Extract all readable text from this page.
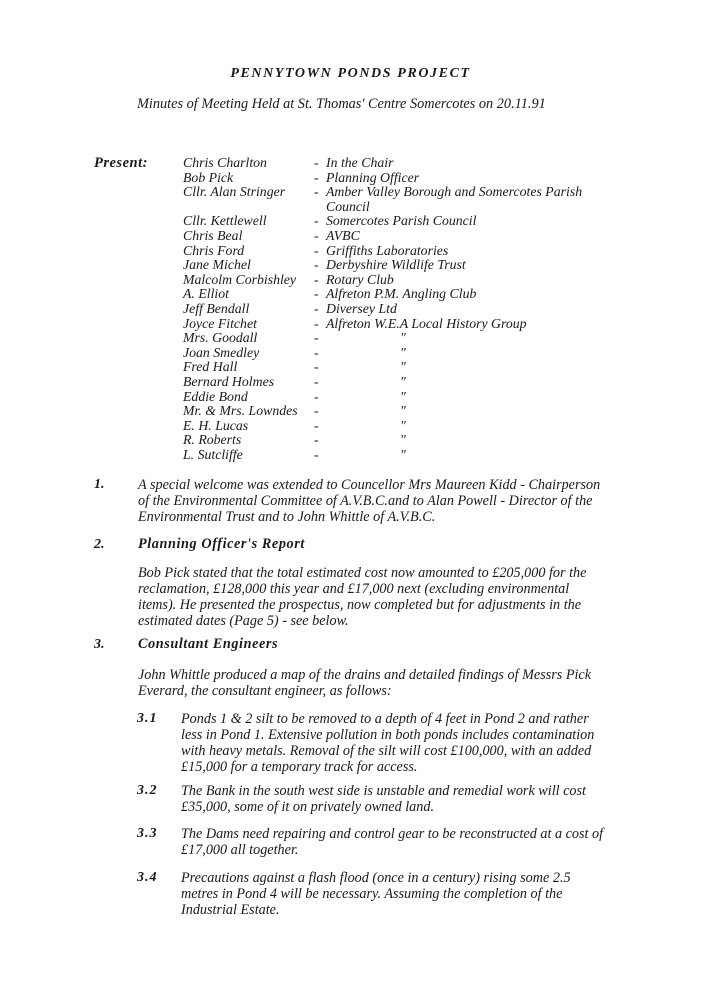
PENNYTOWN PONDS PROJECT

Minutes of Meeting Held at St. Thomas' Centre Somercotes on 20.11.91

Present:	Chris Charlton	- In the Chair
Bob Pick	- Planning Officer
Cllr. Alan Stringer	- Amber Valley Borough and Somercotes Parish Council
Cllr. Kettlewell	- Somercotes Parish Council
Chris Beal	- AVBC
Chris Ford	- Griffiths Laboratories
Jane Michel	- Derbyshire Wildlife Trust
Malcolm Corbishley	- Rotary Club
A. Elliot	- Alfreton P.M. Angling Club
Jeff Bendall	- Diversey Ltd
Joyce Fitchet	- Alfreton W.E.A Local History Group
Mrs. Goodall	-	"
Joan Smedley	-	"
Fred Hall	-	"
Bernard Holmes	-	"
Eddie Bond	-	"
Mr. & Mrs. Lowndes	-	"
E. H. Lucas	-	"
R. Roberts	-	"
L. Sutcliffe	-	"
1. A special welcome was extended to Councellor Mrs Maureen Kidd - Chairperson of the Environmental Committee of A.V.B.C.and to Alan Powell - Director of the Environmental Trust and to John Whittle of A.V.B.C.

2. Planning Officer's Report

Bob Pick stated that the total estimated cost now amounted to £205,000 for the reclamation, £128,000 this year and £17,000 next (excluding environmental items). He presented the prospectus, now completed but for adjustments in the estimated dates (Page 5) - see below.

3. Consultant Engineers

John Whittle produced a map of the drains and detailed findings of Messrs Pick Everard, the consultant engineer, as follows:

3.1 Ponds 1 & 2 silt to be removed to a depth of 4 feet in Pond 2 and rather less in Pond 1. Extensive pollution in both ponds includes contamination with heavy metals. Removal of the silt will cost £100,000, with an added £15,000 for a temporary track for access.

3.2 The Bank in the south west side is unstable and remedial work will cost £35,000, some of it on privately owned land.

3.3 The Dams need repairing and control gear to be reconstructed at a cost of £17,000 all together.

3.4 Precautions against a flash flood (once in a century) rising some 2.5 metres in Pond 4 will be necessary. Assuming the completion of the Industrial Estate.
